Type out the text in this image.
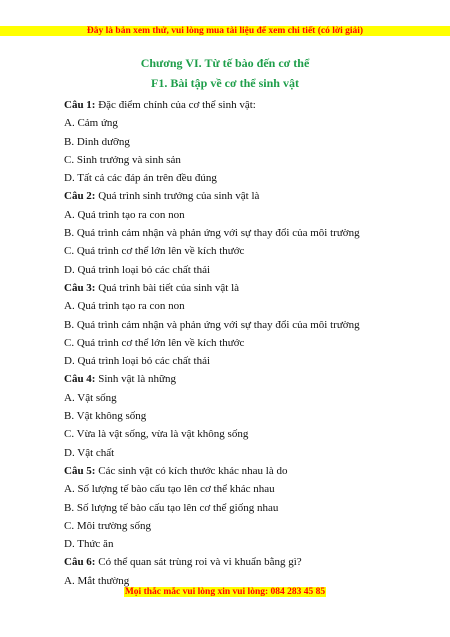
Đây là bản xem thử, vui lòng mua tài liệu để xem chi tiết (có lời giải)
Chương VI. Từ tế bào đến cơ thể
F1. Bài tập về cơ thể sinh vật
Câu 1: Đặc điểm chính của cơ thể sinh vật:
A. Cảm ứng
B. Dinh dưỡng
C. Sinh trưởng và sinh sản
D. Tất cả các đáp án trên đều đúng
Câu 2: Quá trình sinh trưởng của sinh vật là
A. Quá trình tạo ra con non
B. Quá trình cảm nhận và phản ứng với sự thay đổi của môi trường
C. Quá trình cơ thể lớn lên về kích thước
D. Quá trình loại bỏ các chất thải
Câu 3: Quá trình bài tiết của sinh vật là
A. Quá trình tạo ra con non
B. Quá trình cảm nhận và phản ứng với sự thay đổi của môi trường
C. Quá trình cơ thể lớn lên về kích thước
D. Quá trình loại bỏ các chất thải
Câu 4: Sinh vật là những
A. Vật sống
B. Vật không sống
C. Vừa là vật sống, vừa là vật không sống
D. Vật chất
Câu 5: Các sinh vật có kích thước khác nhau là do
A. Số lượng tế bào cấu tạo lên cơ thể khác nhau
B. Số lượng tế bào cấu tạo lên cơ thể giống nhau
C. Môi trường sống
D. Thức ăn
Câu 6: Có thể quan sát trùng roi và vi khuẩn bằng gì?
A. Mắt thường
Mọi thắc mắc vui lòng xin vui lòng: 084 283 45 85
